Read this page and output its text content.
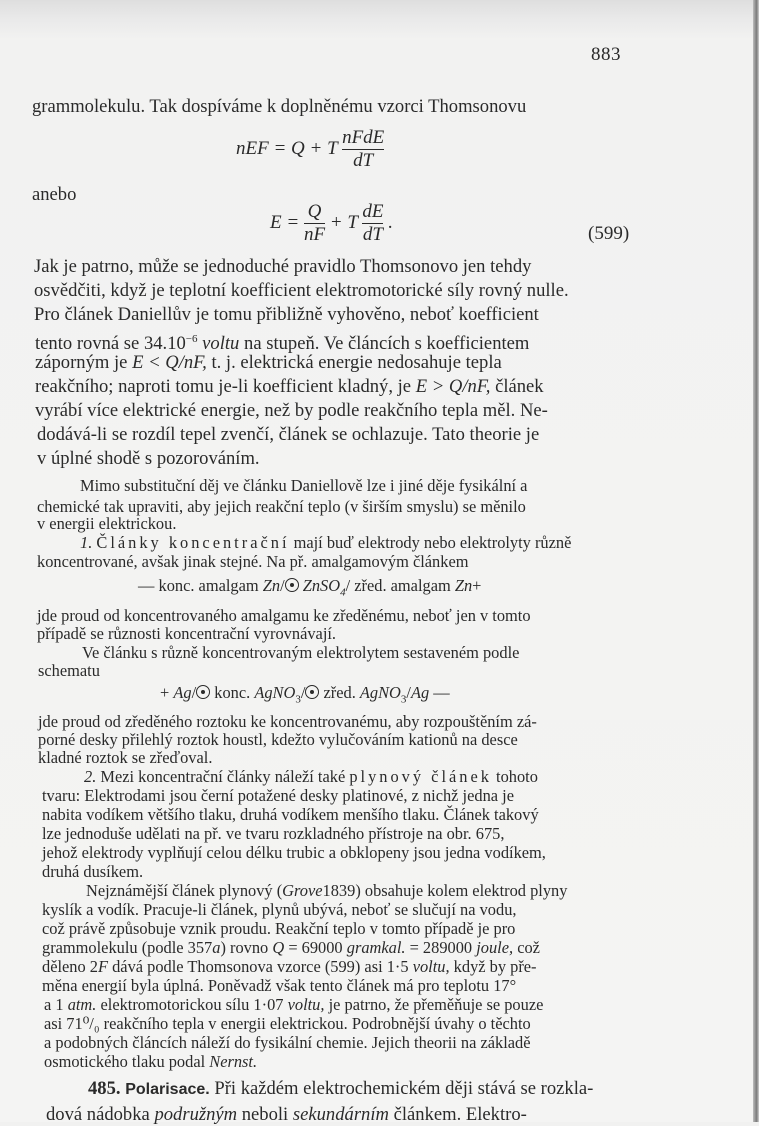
883
grammolekulu. Tak dospíváme k doplněnému vzorci Thomsonovu
nEF = Q + T $\frac{\text{nFdE}}{dT}$
anebo
$E = \frac{Q}{nF} + T \frac{dE}{dT}$ .
(599)
Jak je patrno, může se jednoduché pravidlo Thomsonovo jen tehdy
osvědčiti, když je teplotní koefficient elektromotorické síly rovný nulle.
Pro článek Daniellův je tomu přibližně vyhověno, neboť koefficient
tento rovná se $34.10^{-6}$ voltu na stupeň. Ve článcích s koefficientem
záporným je E < Q/nF, t. j. elektrická energie nedosahuje tepla
reakčního; naproti tomu je-li koefficient kladný, je E > Q/nF, článek
vyrábí více elektrické energie, než by podle reakčního tepla měl. Ne-
dodává-li se rozdíl tepel zvenčí, článek se ochlazuje. Tato theorie je
v úplné shodě s pozorováním.
Mimo substituční děj ve článku Daniellově lze i jiné děje fysikální a
chemické tak upraviti, aby jejich reakční teplo (v širším smyslu) se měnilo
v energii elektrickou.
1. Články koncentrační mají buď elektrody nebo elektrolyty různě
koncentrované, avšak jinak stejné. Na př. amalgamovým článkem
— konc. amalgam Zn/ ZnSO$_4$/ zřed. amalgam Zn+
jde proud od koncentrovaného amalgamu ke zředěnému, neboť jen v tomto
případě se různosti koncentrační vyrovnávají.
Ve článku s různě koncentrovaným elektrolytem sestaveném podle
schematu
+ Ag/ konc. AgNO$_3$/ zřed. AgNO$_3$/Ag —
jde proud od zředěného roztoku ke koncentrovanému, aby rozpouštěním zá-
porné desky přilehlý roztok houstl, kdežto vylučováním kationů na desce
kladné roztok se zřeďoval.
2. Mezi koncentrační články náleží také plynový článek tohoto
tvaru: Elektrodami jsou černí potažené desky platinové, z nichž jedna je
nabita vodíkem většího tlaku, druhá vodíkem menšího tlaku. Článek takový
lze jednoduše udělati na př. ve tvaru rozkladného přístroje na obr. 675,
jehož elektrody vyplňují celou délku trubic a obklopeny jsou jedna vodíkem,
druhá dusíkem.
Nejznámější článek plynový (Grove1839) obsahuje kolem elektrod plyny
kyslík a vodík. Pracuje-li článek, plynů ubývá, neboť se slučují na vodu,
což právě způsobuje vznik proudu. Reakční teplo v tomto případě je pro
grammolekulu (podle 357a) rovno Q = 69000 gramkal. = 289000 joule, což
děleno 2F dává podle Thomsonova vzorce (599) asi 1·5 voltu, když by pře-
měna energií byla úplná. Poněvadž však tento článek má pro teplotu 17°
a 1 atm. elektromotorickou sílu 1·07 voltu, je patrno, že přeměňuje se pouze
asi 71⁰/₀ reakčního tepla v energii elektrickou. Podrobnější úvahy o těchto
a podobných článcích náleží do fysikální chemie. Jejich theorii na základě
osmotického tlaku podal Nernst.
485. Polarisace. Při každém elektrochemickém ději stává se rozkla-
dová nádobka podružným neboli sekundárním článkem. Elektro-
